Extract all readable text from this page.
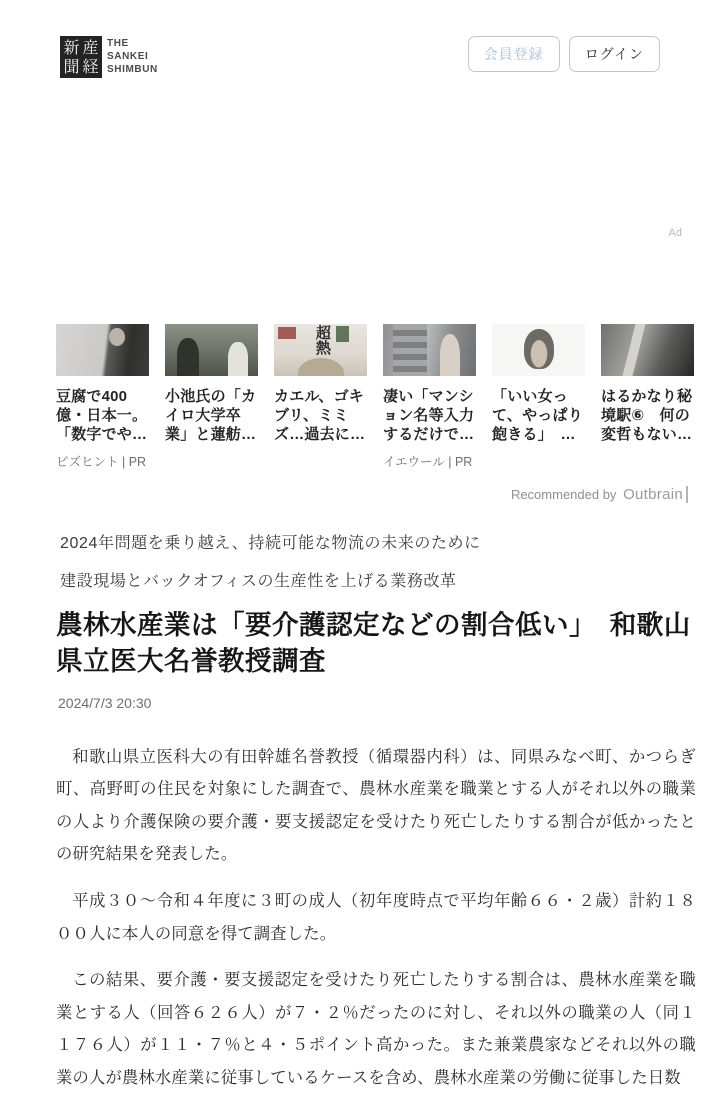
新 産
聞 経
THE
SANKEI
SHIMBUN
会員登録	ログイン
Ad
豆腐で400億・日本一。「数字でや…
ビズヒント | PR
小池氏の「カイロ大学卒業」と蓮舫…
超熱
カエル、ゴキブリ、ミミズ…過去に…
凄い「マンション名等入力するだけで…
イエウール | PR
「いい女って、やっぱり飽きる」　…
はるかなり秘境駅⑥　何の変哲もない…
Recommended by Outbrain
2024年問題を乗り越え、持続可能な物流の未来のために
建設現場とバックオフィスの生産性を上げる業務改革
農林水産業は「要介護認定などの割合低い」　和歌山県立医大名誉教授調査
2024/7/3 20:30

和歌山県立医科大の有田幹雄名誉教授（循環器内科）は、同県みなべ町、かつらぎ町、高野町の住民を対象にした調査で、農林水産業を職業とする人がそれ以外の職業の人より介護保険の要介護・要支援認定を受けたり死亡したりする割合が低かったとの研究結果を発表した。

平成３０～令和４年度に３町の成人（初年度時点で平均年齢６６・２歳）計約１８００人に本人の同意を得て調査した。

この結果、要介護・要支援認定を受けたり死亡したりする割合は、農林水産業を職業とする人（回答６２６人）が７・２％だったのに対し、それ以外の職業の人（同１１７６人）が１１・７％と４・５ポイント高かった。また兼業農家などそれ以外の職業の人が農林水産業に従事しているケースを含め、農林水産業の労働に従事した日数
